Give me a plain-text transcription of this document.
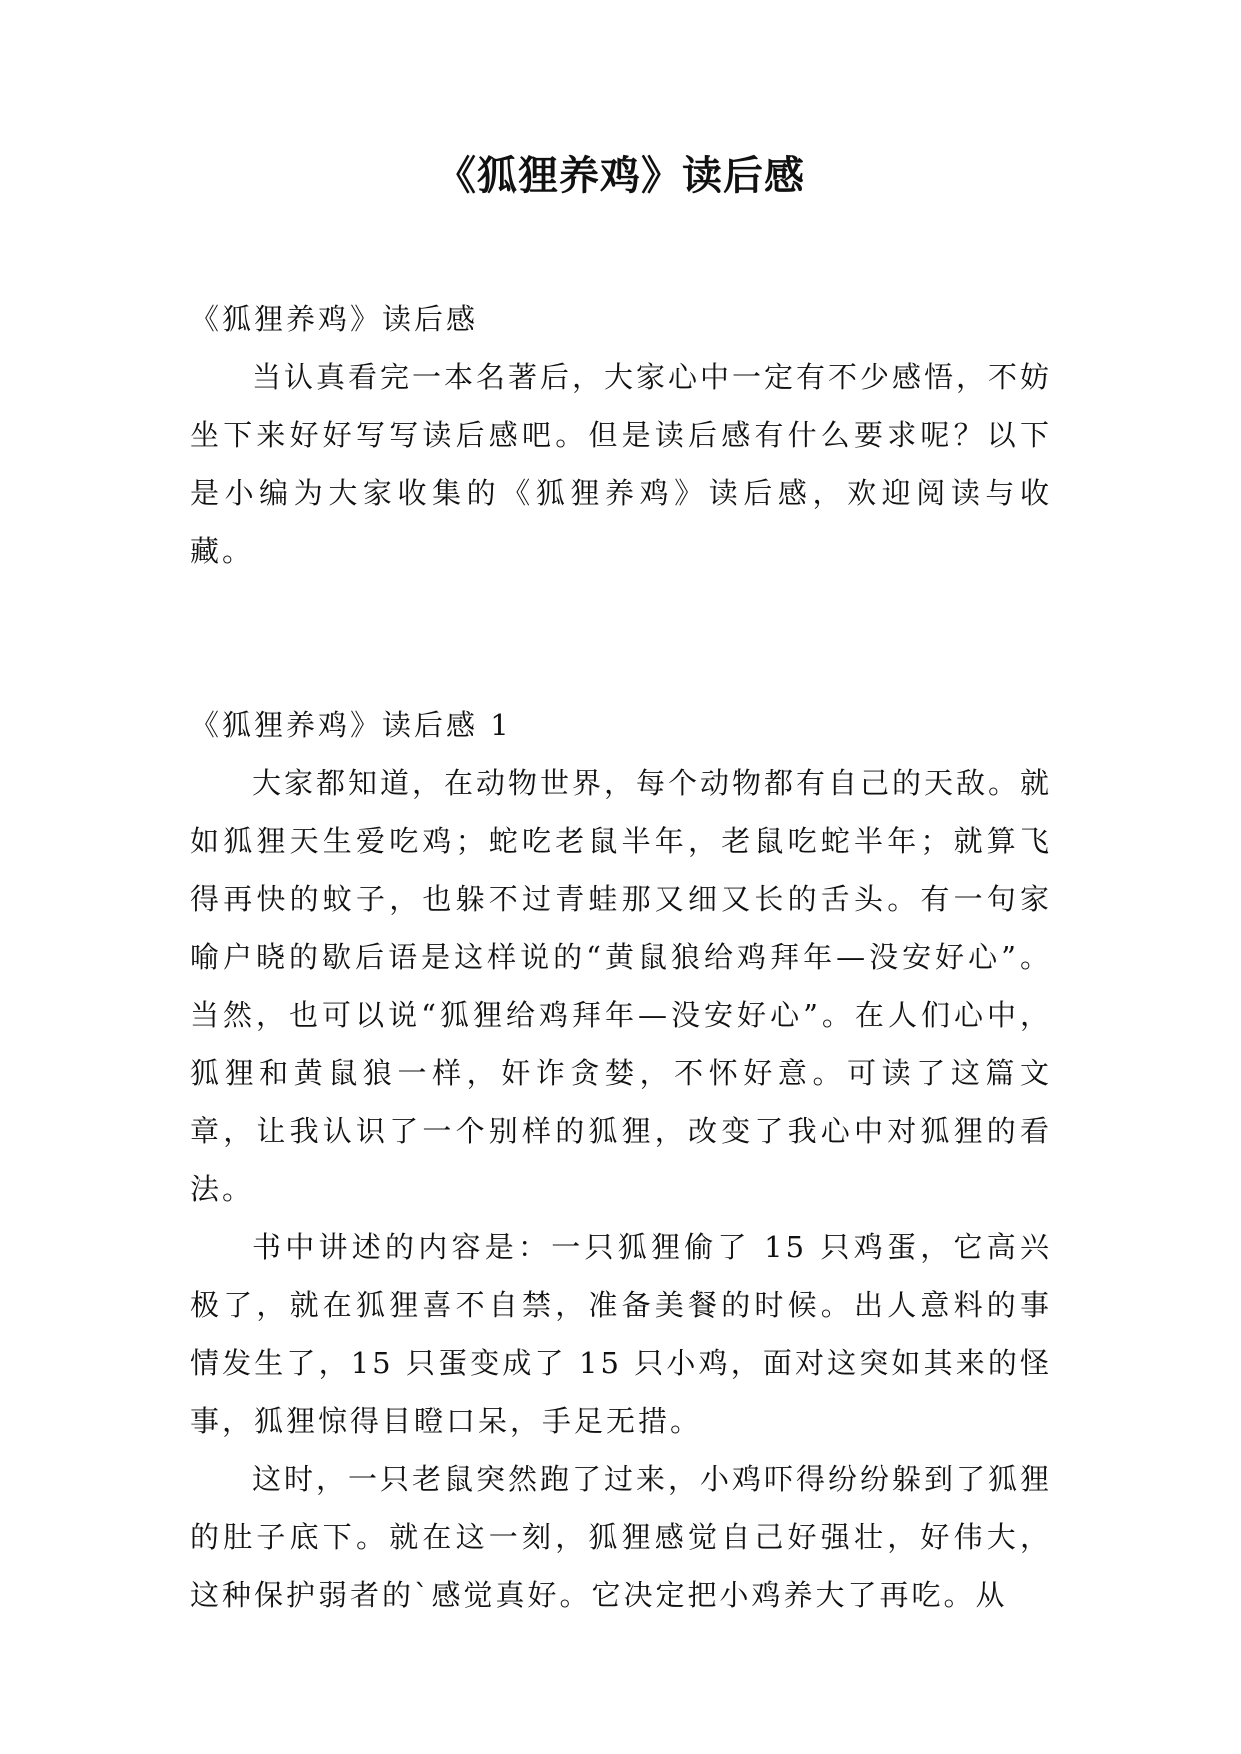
《狐狸养鸡》读后感

《狐狸养鸡》读后感

当认真看完一本名著后，大家心中一定有不少感悟，不妨坐下来好好写写读后感吧。但是读后感有什么要求呢？以下是小编为大家收集的《狐狸养鸡》读后感，欢迎阅读与收藏。

《狐狸养鸡》读后感 1

大家都知道，在动物世界，每个动物都有自己的天敌。就如狐狸天生爱吃鸡；蛇吃老鼠半年，老鼠吃蛇半年；就算飞得再快的蚊子，也躲不过青蛙那又细又长的舌头。有一句家喻户晓的歇后语是这样说的“黄鼠狼给鸡拜年—没安好心”。当然，也可以说“狐狸给鸡拜年—没安好心”。在人们心中，狐狸和黄鼠狼一样，奸诈贪婪，不怀好意。可读了这篇文章，让我认识了一个别样的狐狸，改变了我心中对狐狸的看法。

书中讲述的内容是：一只狐狸偷了 15 只鸡蛋，它高兴极了，就在狐狸喜不自禁，准备美餐的时候。出人意料的事情发生了，15 只蛋变成了 15 只小鸡，面对这突如其来的怪事，狐狸惊得目瞪口呆，手足无措。

这时，一只老鼠突然跑了过来，小鸡吓得纷纷躲到了狐狸的肚子底下。就在这一刻，狐狸感觉自己好强壮，好伟大，这种保护弱者的`感觉真好。它决定把小鸡养大了再吃。从
